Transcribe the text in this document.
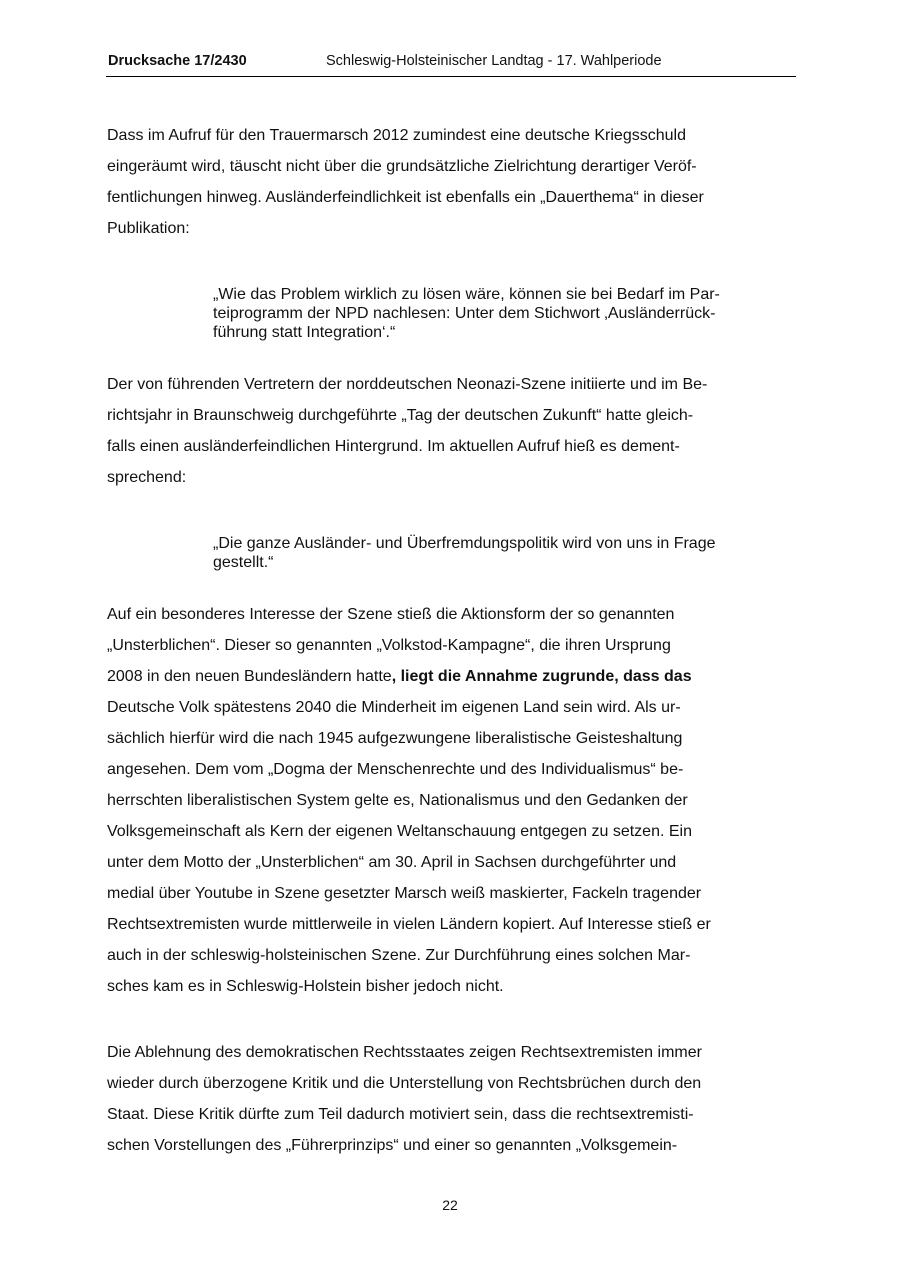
Drucksache 17/2430	Schleswig-Holsteinischer Landtag - 17. Wahlperiode
Dass im Aufruf für den Trauermarsch 2012 zumindest eine deutsche Kriegsschuld
eingeräumt wird, täuscht nicht über die grundsätzliche Zielrichtung derartiger Veröf-
fentlichungen hinweg. Ausländerfeindlichkeit ist ebenfalls ein „Dauerthema“ in dieser
Publikation:
„Wie das Problem wirklich zu lösen wäre, können sie bei Bedarf im Par-
teiprogramm der NPD nachlesen: Unter dem Stichwort ‚Ausländerrück-
führung statt Integration‘.“
Der von führenden Vertretern der norddeutschen Neonazi-Szene initiierte und im Be-
richtsjahr in Braunschweig durchgeführte „Tag der deutschen Zukunft“ hatte gleich-
falls einen ausländerfeindlichen Hintergrund. Im aktuellen Aufruf hieß es dement-
sprechend:
„Die ganze Ausländer- und Überfremdungspolitik wird von uns in Frage
gestellt.“
Auf ein besonderes Interesse der Szene stieß die Aktionsform der so genannten
„Unsterblichen“. Dieser so genannten „Volkstod-Kampagne“, die ihren Ursprung
2008 in den neuen Bundesländern hatte, liegt die Annahme zugrunde, dass das
Deutsche Volk spätestens 2040 die Minderheit im eigenen Land sein wird. Als ur-
sächlich hierfür wird die nach 1945 aufgezwungene liberalistische Geisteshaltung
angesehen. Dem vom „Dogma der Menschenrechte und des Individualismus“ be-
herrschten liberalistischen System gelte es, Nationalismus und den Gedanken der
Volksgemeinschaft als Kern der eigenen Weltanschauung entgegen zu setzen. Ein
unter dem Motto der „Unsterblichen“ am 30. April in Sachsen durchgeführter und
medial über Youtube in Szene gesetzter Marsch weiß maskierter, Fackeln tragender
Rechtsextremisten wurde mittlerweile in vielen Ländern kopiert. Auf Interesse stieß er
auch in der schleswig-holsteinischen Szene. Zur Durchführung eines solchen Mar-
sches kam es in Schleswig-Holstein bisher jedoch nicht.
Die Ablehnung des demokratischen Rechtsstaates zeigen Rechtsextremisten immer
wieder durch überzogene Kritik und die Unterstellung von Rechtsbrüchen durch den
Staat. Diese Kritik dürfte zum Teil dadurch motiviert sein, dass die rechtsextremisti-
schen Vorstellungen des „Führerprinzips“ und einer so genannten „Volksgemein-
22
